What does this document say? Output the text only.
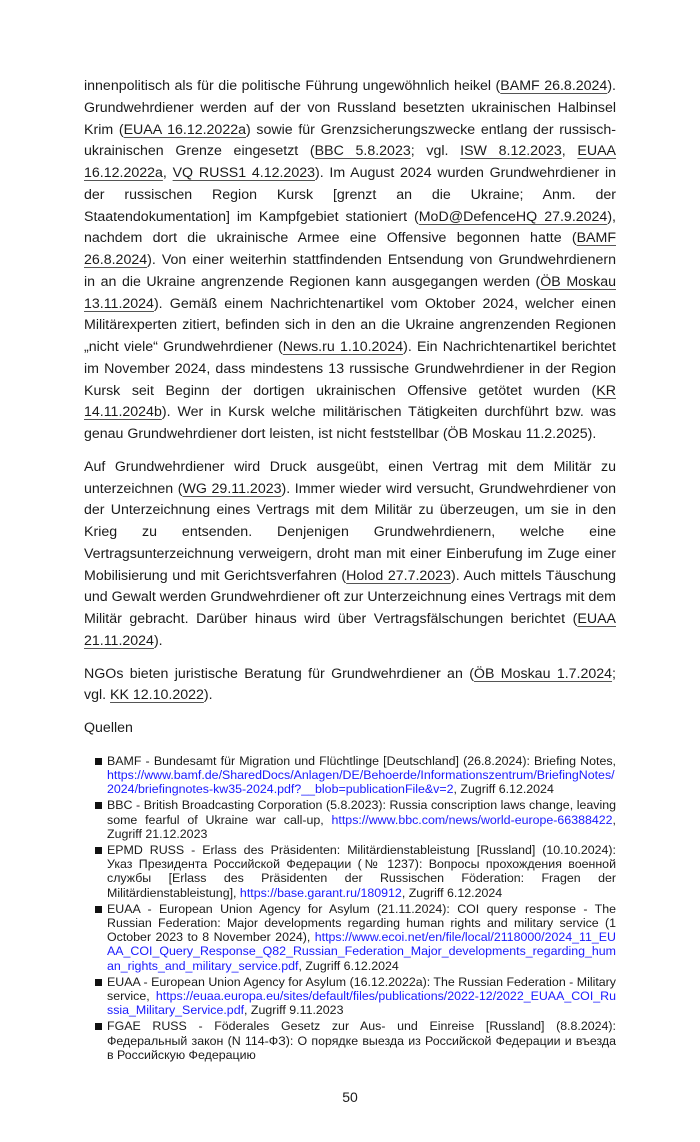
innenpolitisch als für die politische Führung ungewöhnlich heikel (BAMF 26.8.2024). Grundwehrdiener werden auf der von Russland besetzten ukrainischen Halbinsel Krim (EUAA 16.12.2022a) sowie für Grenzsicherungszwecke entlang der russisch-ukrainischen Grenze eingesetzt (BBC 5.8.2023; vgl. ISW 8.12.2023, EUAA 16.12.2022a, VQ RUSS1 4.12.2023). Im August 2024 wurden Grundwehrdiener in der russischen Region Kursk [grenzt an die Ukraine; Anm. der Staatendokumentation] im Kampfgebiet stationiert (MoD@DefenceHQ 27.9.2024), nachdem dort die ukrainische Armee eine Offensive begonnen hatte (BAMF 26.8.2024). Von einer weiterhin stattfindenden Entsendung von Grundwehrdienern in an die Ukraine angrenzende Regionen kann ausgegangen werden (ÖB Moskau 13.11.2024). Gemäß einem Nachrichtenartikel vom Oktober 2024, welcher einen Militärexperten zitiert, befinden sich in den an die Ukraine angrenzenden Regionen „nicht viele“ Grundwehrdiener (News.ru 1.10.2024). Ein Nachrichtenartikel berichtet im November 2024, dass mindestens 13 russische Grundwehrdiener in der Region Kursk seit Beginn der dortigen ukrainischen Offensive getötet wurden (KR 14.11.2024b). Wer in Kursk welche militärischen Tätigkeiten durchführt bzw. was genau Grundwehrdiener dort leisten, ist nicht feststellbar (ÖB Moskau 11.2.2025).

Auf Grundwehrdiener wird Druck ausgeübt, einen Vertrag mit dem Militär zu unterzeichnen (WG 29.11.2023). Immer wieder wird versucht, Grundwehrdiener von der Unterzeichnung eines Vertrags mit dem Militär zu überzeugen, um sie in den Krieg zu entsenden. Denjenigen Grundwehrdienern, welche eine Vertragsunterzeichnung verweigern, droht man mit einer Einberufung im Zuge einer Mobilisierung und mit Gerichtsverfahren (Holod 27.7.2023). Auch mittels Täuschung und Gewalt werden Grundwehrdiener oft zur Unterzeichnung eines Vertrags mit dem Militär gebracht. Darüber hinaus wird über Vertragsfälschungen berichtet (EUAA 21.11.2024).

NGOs bieten juristische Beratung für Grundwehrdiener an (ÖB Moskau 1.7.2024; vgl. KK 12.10.2022).

Quellen
BAMF - Bundesamt für Migration und Flüchtlinge [Deutschland] (26.8.2024): Briefing Notes, https://www.bamf.de/SharedDocs/Anlagen/DE/Behoerde/Informationszentrum/BriefingNotes/2024/briefingnotes-kw35-2024.pdf?__blob=publicationFile&v=2, Zugriff 6.12.2024
BBC - British Broadcasting Corporation (5.8.2023): Russia conscription laws change, leaving some fearful of Ukraine war call-up, https://www.bbc.com/news/world-europe-66388422, Zugriff 21.12.2023
EPMD RUSS - Erlass des Präsidenten: Militärdienstableistung [Russland] (10.10.2024): Указ Президента Российской Федерации (№ 1237): Вопросы прохождения военной службы [Erlass des Präsidenten der Russischen Föderation: Fragen der Militärdienstableistung], https://base.garant.ru/180912, Zugriff 6.12.2024
EUAA - European Union Agency for Asylum (21.11.2024): COI query response - The Russian Federation: Major developments regarding human rights and military service (1 October 2023 to 8 November 2024), https://www.ecoi.net/en/file/local/2118000/2024_11_EUAA_COI_Query_Response_Q82_Russian_Federation_Major_developments_regarding_human_rights_and_military_service.pdf, Zugriff 6.12.2024
EUAA - European Union Agency for Asylum (16.12.2022a): The Russian Federation - Military service, https://euaa.europa.eu/sites/default/files/publications/2022-12/2022_EUAA_COI_Russia_Military_Service.pdf, Zugriff 9.11.2023
FGAE RUSS - Föderales Gesetz zur Aus- und Einreise [Russland] (8.8.2024): Федеральный закон (N 114-ФЗ): О порядке выезда из Российской Федерации и въезда в Российскую Федерацию
50
